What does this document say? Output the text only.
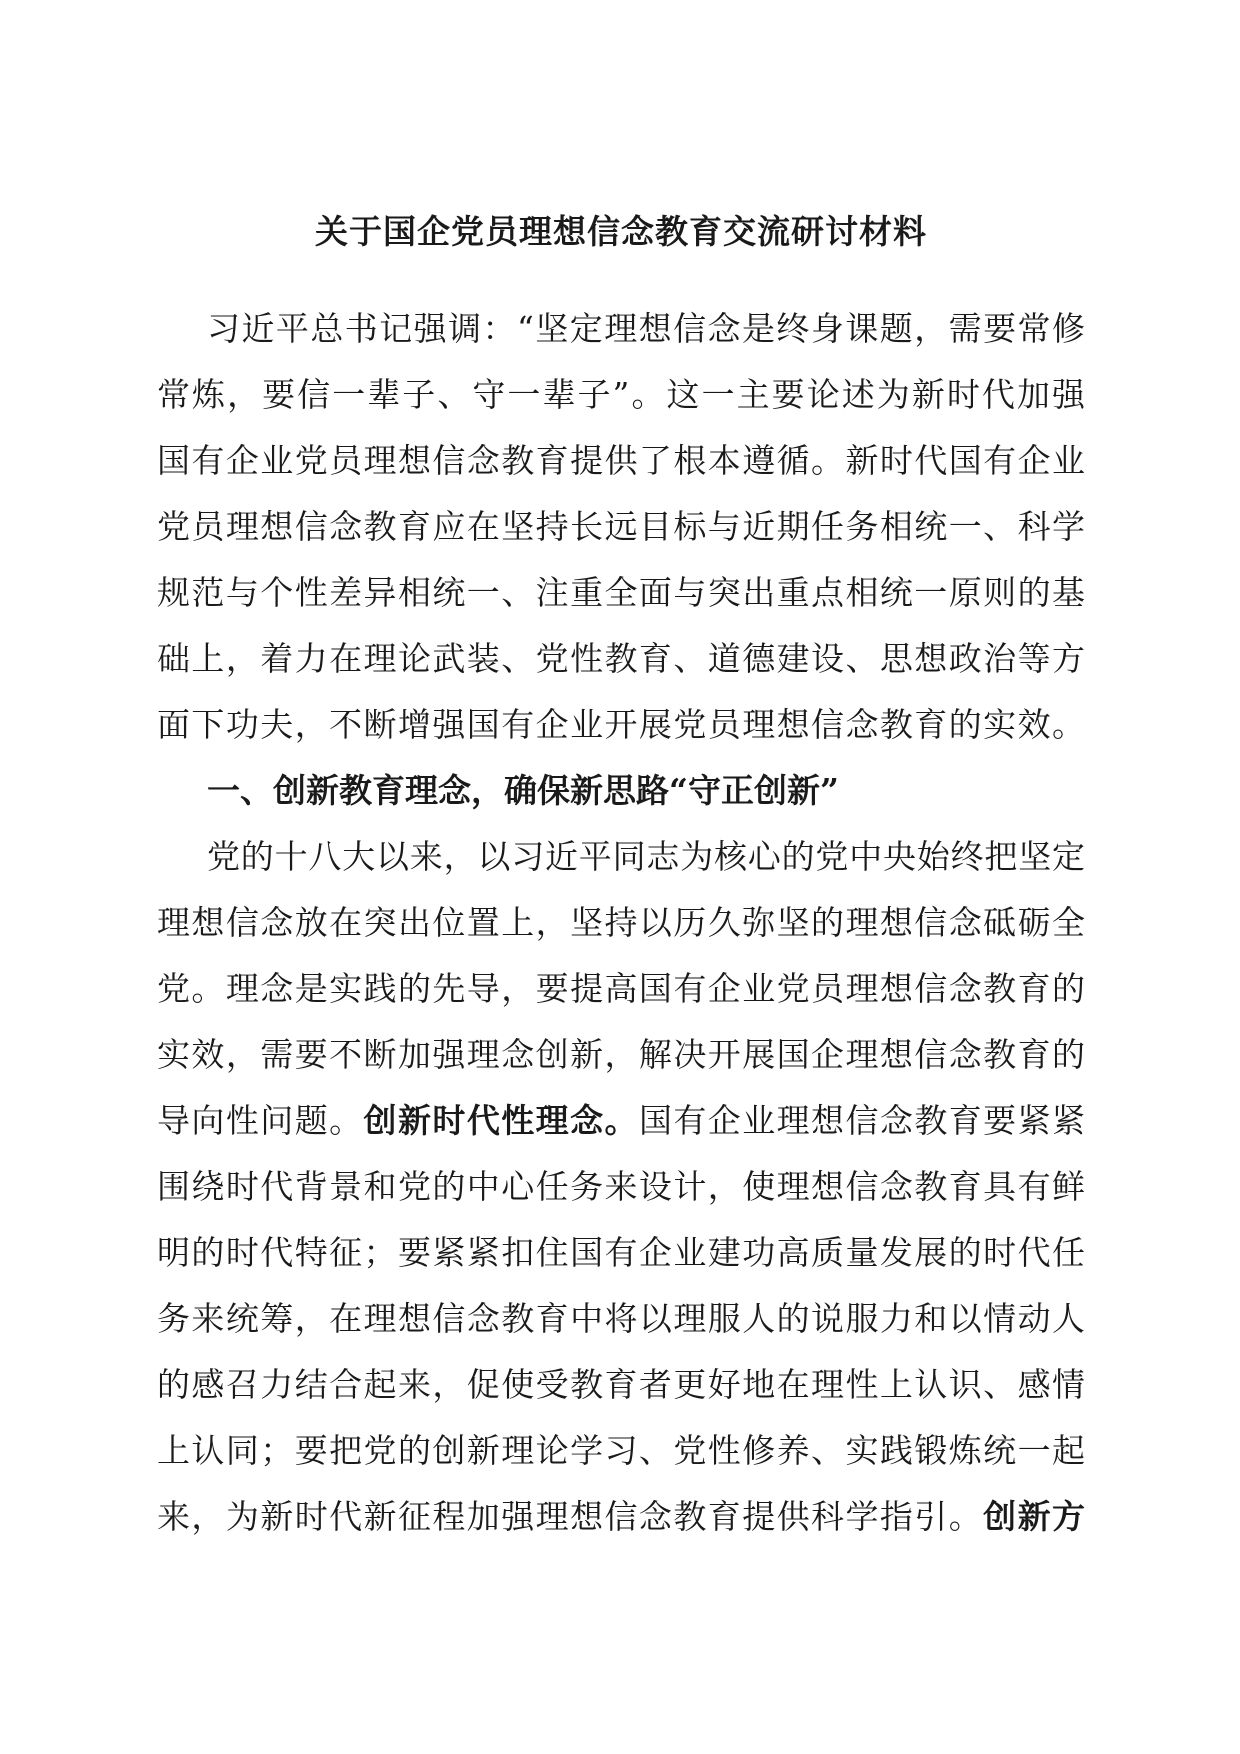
关于国企党员理想信念教育交流研讨材料
习近平总书记强调：“坚定理想信念是终身课题，需要常修
常炼，要信一辈子、守一辈子”。这一主要论述为新时代加强
国有企业党员理想信念教育提供了根本遵循。新时代国有企业
党员理想信念教育应在坚持长远目标与近期任务相统一、科学
规范与个性差异相统一、注重全面与突出重点相统一原则的基
础上，着力在理论武装、党性教育、道德建设、思想政治等方
面下功夫，不断增强国有企业开展党员理想信念教育的实效。
一、创新教育理念，确保新思路“守正创新”
党的十八大以来，以习近平同志为核心的党中央始终把坚定
理想信念放在突出位置上，坚持以历久弥坚的理想信念砥砺全
党。理念是实践的先导，要提高国有企业党员理想信念教育的
实效，需要不断加强理念创新，解决开展国企理想信念教育的
导向性问题。创新时代性理念。国有企业理想信念教育要紧紧
围绕时代背景和党的中心任务来设计，使理想信念教育具有鲜
明的时代特征；要紧紧扣住国有企业建功高质量发展的时代任
务来统筹，在理想信念教育中将以理服人的说服力和以情动人
的感召力结合起来，促使受教育者更好地在理性上认识、感情
上认同；要把党的创新理论学习、党性修养、实践锻炼统一起
来，为新时代新征程加强理想信念教育提供科学指引。创新方
